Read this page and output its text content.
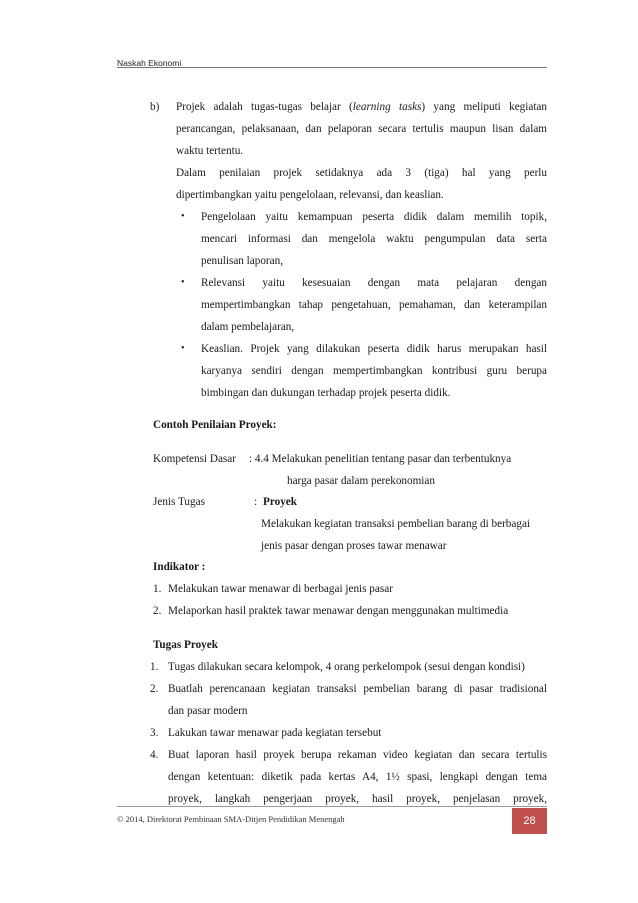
Naskah Ekonomi
b) Projek adalah tugas-tugas belajar (learning tasks) yang meliputi kegiatan
perancangan, pelaksanaan, dan pelaporan secara tertulis maupun lisan dalam
waktu tertentu.
Dalam penilaian projek setidaknya ada 3 (tiga) hal yang perlu
dipertimbangkan yaitu pengelolaan, relevansi, dan keaslian.
• Pengelolaan yaitu kemampuan peserta didik dalam memilih topik,
mencari informasi dan mengelola waktu pengumpulan data serta
penulisan laporan,
• Relevansi yaitu kesesuaian dengan mata pelajaran dengan
mempertimbangkan tahap pengetahuan, pemahaman, dan keterampilan
dalam pembelajaran,
• Keaslian. Projek yang dilakukan peserta didik harus merupakan hasil
karyanya sendiri dengan mempertimbangkan kontribusi guru berupa
bimbingan dan dukungan terhadap projek peserta didik.
Contoh Penilaian Proyek:
Kompetensi Dasar : 4.4 Melakukan penelitian tentang pasar dan terbentuknya
harga pasar dalam perekonomian
Jenis Tugas	: Proyek
Melakukan kegiatan transaksi pembelian barang di berbagai
jenis pasar dengan proses tawar menawar
Indikator :
1. Melakukan tawar menawar di berbagai jenis pasar
2. Melaporkan hasil praktek tawar menawar dengan menggunakan multimedia
Tugas Proyek
1. Tugas dilakukan secara kelompok, 4 orang perkelompok (sesui dengan kondisi)
2. Buatlah perencanaan kegiatan transaksi pembelian barang di pasar tradisional
dan pasar modern
3. Lakukan tawar menawar pada kegiatan tersebut
4. Buat laporan hasil proyek berupa rekaman video kegiatan dan secara tertulis
dengan ketentuan: diketik pada kertas A4, 1½ spasi, lengkapi dengan tema
proyek, langkah pengerjaan proyek, hasil proyek, penjelasan proyek,
© 2014, Direktorat Pembinaan SMA-Ditjen Pendidikan Menengah	28
